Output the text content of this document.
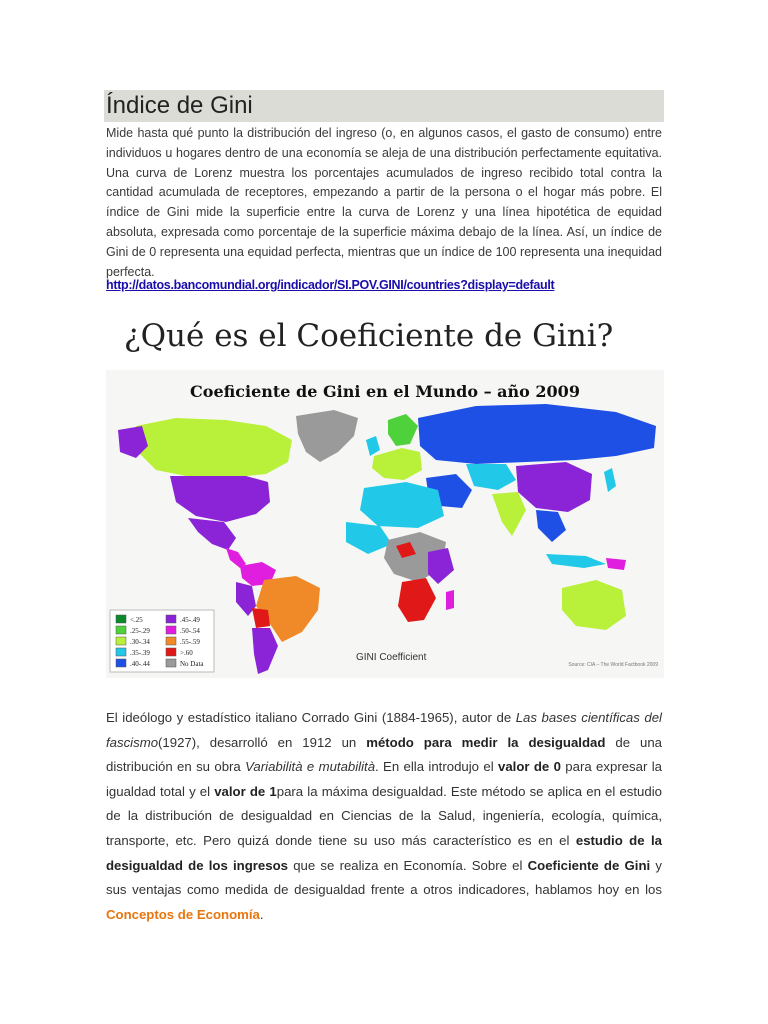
Índice de Gini

Mide hasta qué punto la distribución del ingreso (o, en algunos casos, el gasto de consumo) entre individuos u hogares dentro de una economía se aleja de una distribución perfectamente equitativa. Una curva de Lorenz muestra los porcentajes acumulados de ingreso recibido total contra la cantidad acumulada de receptores, empezando a partir de la persona o el hogar más pobre. El índice de Gini mide la superficie entre la curva de Lorenz y una línea hipotética de equidad absoluta, expresada como porcentaje de la superficie máxima debajo de la línea. Así, un índice de Gini de 0 representa una equidad perfecta, mientras que un índice de 100 representa una inequidad perfecta.

http://datos.bancomundial.org/indicador/SI.POV.GINI/countries?display=default
¿Qué es el Coeficiente de Gini?
Coeficiente de Gini en el Mundo – año 2009
<.25
.25-.29
.30-.34
.35-.39
.40-.44
.45-.49
.50-.54
.55-.59
>.60
No Data
GINI Coefficient
Source: CIA – The World Factbook 2009

El ideólogo y estadístico italiano Corrado Gini (1884-1965), autor de Las bases científicas del fascismo(1927), desarrolló en 1912 un método para medir la desigualdad de una distribución en su obra Variabilità e mutabilità. En ella introdujo el valor de 0 para expresar la igualdad total y el valor de 1para la máxima desigualdad. Este método se aplica en el estudio de la distribución de desigualdad en Ciencias de la Salud, ingeniería, ecología, química, transporte, etc. Pero quizá donde tiene su uso más característico es en el estudio de la desigualdad de los ingresos que se realiza en Economía. Sobre el Coeficiente de Gini y sus ventajas como medida de desigualdad frente a otros indicadores, hablamos hoy en los Conceptos de Economía.
